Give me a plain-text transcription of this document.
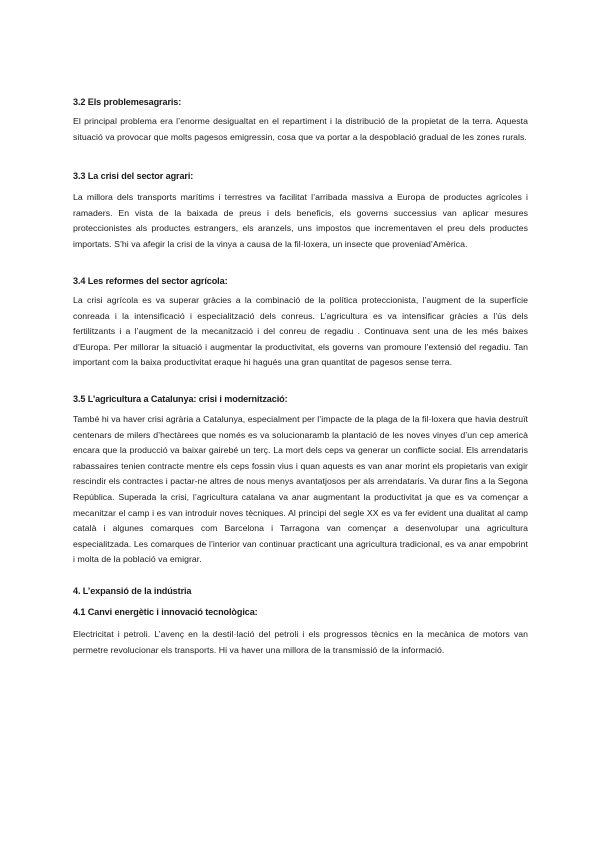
3.2 Els problemesagraris:

El principal problema era l’enorme desigualtat en el repartiment i la distribució de la propietat de la terra. Aquesta situació va provocar que molts pagesos emigressin, cosa que va portar a la despoblació gradual de les zones rurals.

3.3 La crisi del sector agrari:

La millora dels transports marítims i terrestres va facilitat l’arribada massiva a Europa de productes agrícoles i ramaders. En vista de la baixada de preus i dels beneficis, els governs successius van aplicar mesures proteccionistes als productes estrangers, els aranzels, uns impostos que incrementaven el preu dels productes importats. S’hi va afegir la crisi de la vinya a causa de la fil·loxera, un insecte que proveniad’Amèrica.

3.4 Les reformes del sector agrícola:

La crisi agrícola es va superar gràcies a la combinació de la política proteccionista, l’augment de la superfície conreada i la intensificació i especialització dels conreus. L’agricultura es va intensificar gràcies a l’ús dels fertilitzants i a l’augment de la mecanització i del conreu de regadiu . Continuava sent una de les més baixes d’Europa. Per millorar la situació i augmentar la productivitat, els governs van promoure l’extensió del regadiu. Tan important com la baixa productivitat eraque hi hagués una gran quantitat de pagesos sense terra.

3.5 L’agricultura a Catalunya: crisi i modernització:

També hi va haver crisi agrària a Catalunya, especialment per l’impacte de la plaga de la fil·loxera que havia destruït centenars de milers d’hectàrees que només es va solucionaramb la plantació de les noves vinyes d’un cep americà encara que la producció va baixar gairebé un terç. La mort dels ceps va generar un conflicte social. Els arrendataris rabassaires tenien contracte mentre els ceps fossin vius i quan aquests es van anar morint els propietaris van exigir rescindir els contractes i pactar-ne altres de nous menys avantatjosos per als arrendataris. Va durar fins a la Segona República. Superada la crisi, l’agricultura catalana va anar augmentant la productivitat ja que es va començar a mecanitzar el camp i es van introduir noves tècniques. Al principi del segle XX es va fer evident una dualitat al camp català i algunes comarques com Barcelona i Tarragona van començar a desenvolupar una agricultura especialitzada. Les comarques de l’interior van continuar practicant una agricultura tradicional, es va anar empobrint i molta de la població va emigrar.

4. L’expansió de la indústria
4.1 Canvi energètic i innovació tecnològica:

Electricitat i petroli. L’avenç en la destil·lació del petroli i els progressos tècnics en la mecànica de motors van permetre revolucionar els transports. Hi va haver una millora de la transmissió de la informació.
